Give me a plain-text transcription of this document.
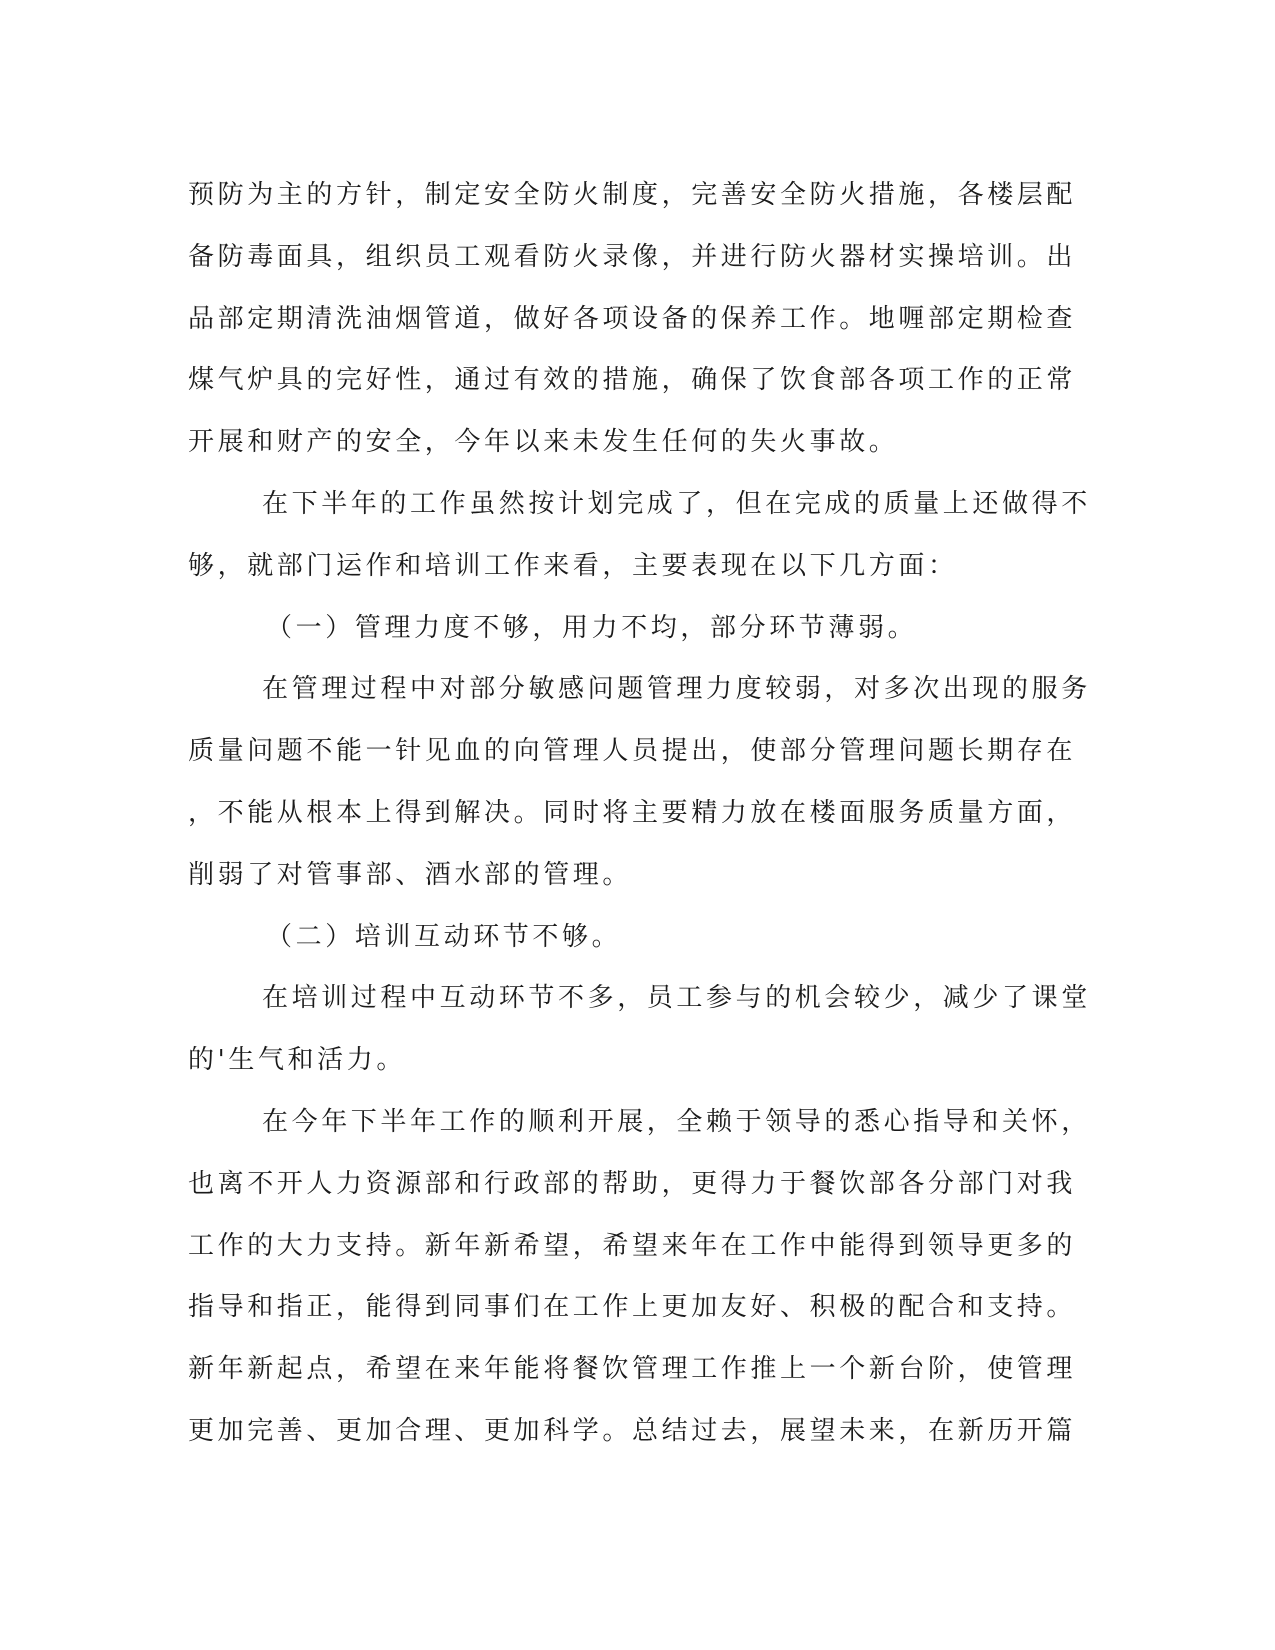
预防为主的方针，制定安全防火制度，完善安全防火措施，各楼层配
备防毒面具，组织员工观看防火录像，并进行防火器材实操培训。出
品部定期清洗油烟管道，做好各项设备的保养工作。地喱部定期检查
煤气炉具的完好性，通过有效的措施，确保了饮食部各项工作的正常
开展和财产的安全，今年以来未发生任何的失火事故。
在下半年的工作虽然按计划完成了，但在完成的质量上还做得不
够，就部门运作和培训工作来看，主要表现在以下几方面：
（一）管理力度不够，用力不均，部分环节薄弱。
在管理过程中对部分敏感问题管理力度较弱，对多次出现的服务
质量问题不能一针见血的向管理人员提出，使部分管理问题长期存在
，不能从根本上得到解决。同时将主要精力放在楼面服务质量方面，
削弱了对管事部、酒水部的管理。
（二）培训互动环节不够。
在培训过程中互动环节不多，员工参与的机会较少，减少了课堂
的'生气和活力。
在今年下半年工作的顺利开展，全赖于领导的悉心指导和关怀，
也离不开人力资源部和行政部的帮助，更得力于餐饮部各分部门对我
工作的大力支持。新年新希望，希望来年在工作中能得到领导更多的
指导和指正，能得到同事们在工作上更加友好、积极的配合和支持。
新年新起点，希望在来年能将餐饮管理工作推上一个新台阶，使管理
更加完善、更加合理、更加科学。总结过去，展望未来，在新历开篇
